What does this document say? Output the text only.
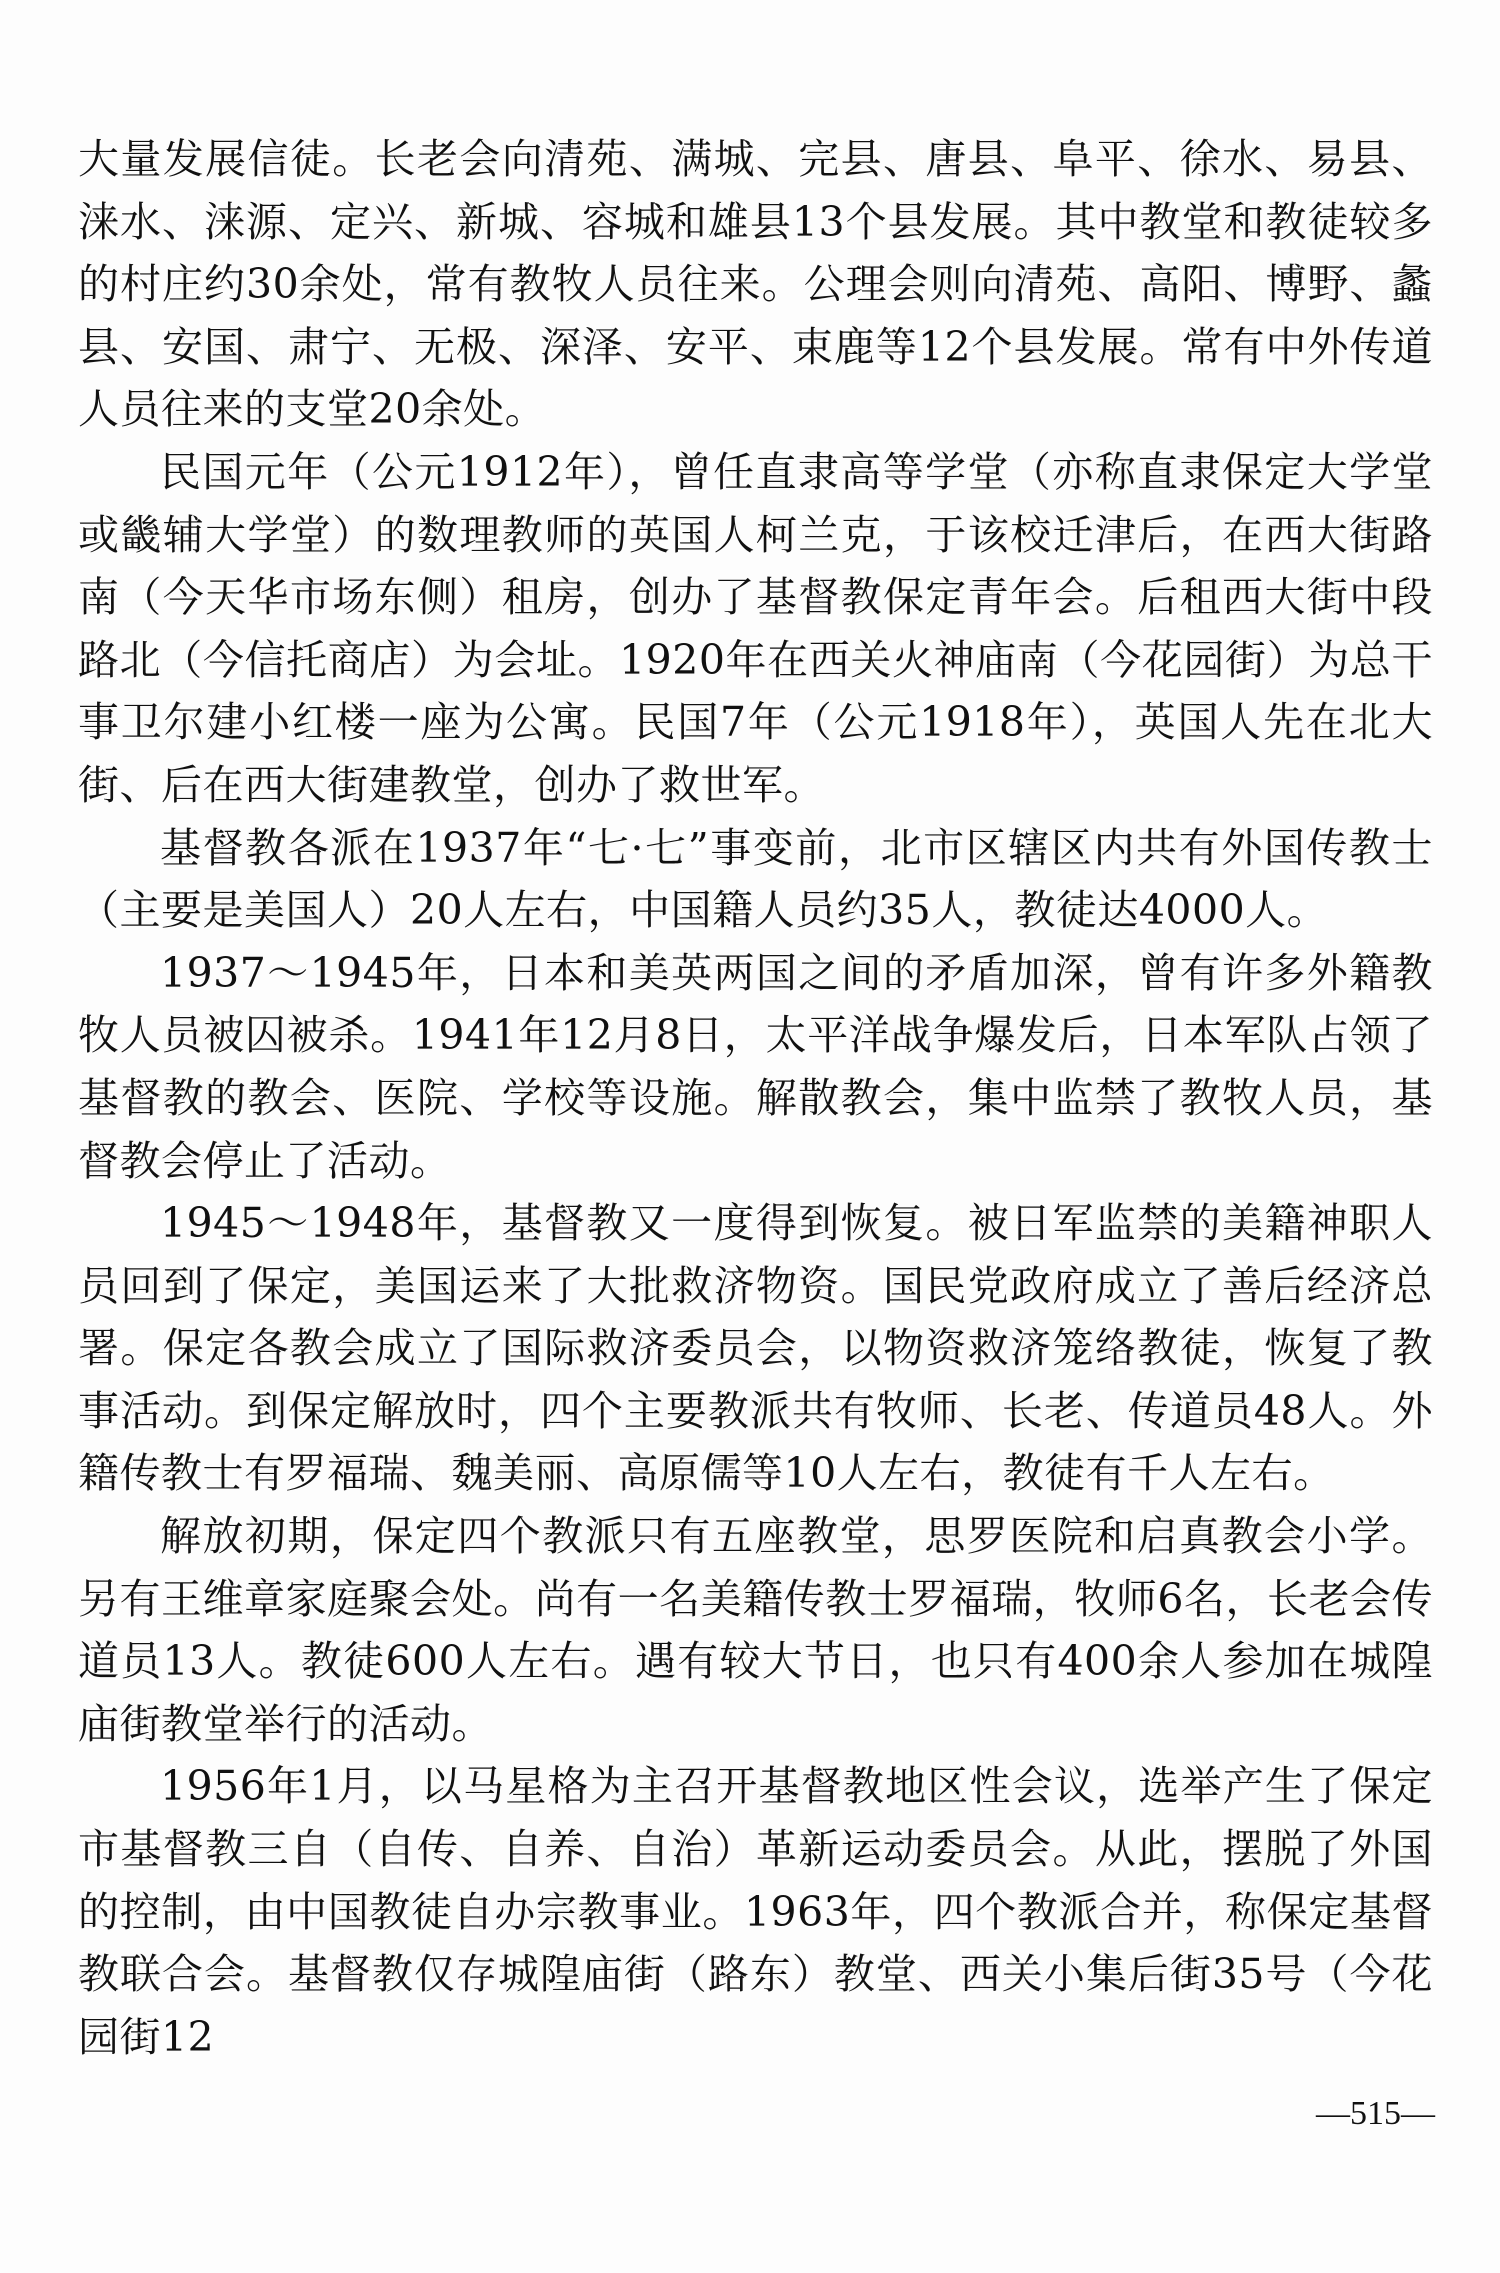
大量发展信徒。长老会向清苑、满城、完县、唐县、阜平、徐水、易县、涞水、涞源、定兴、新城、容城和雄县13个县发展。其中教堂和教徒较多的村庄约30余处，常有教牧人员往来。公理会则向清苑、高阳、博野、蠡县、安国、肃宁、无极、深泽、安平、束鹿等12个县发展。常有中外传道人员往来的支堂20余处。

民国元年（公元1912年），曾任直隶高等学堂（亦称直隶保定大学堂或畿辅大学堂）的数理教师的英国人柯兰克，于该校迁津后，在西大街路南（今天华市场东侧）租房，创办了基督教保定青年会。后租西大街中段路北（今信托商店）为会址。1920年在西关火神庙南（今花园街）为总干事卫尔建小红楼一座为公寓。民国7年（公元1918年），英国人先在北大街、后在西大街建教堂，创办了救世军。

基督教各派在1937年“七·七”事变前，北市区辖区内共有外国传教士（主要是美国人）20人左右，中国籍人员约35人，教徒达4000人。

1937～1945年，日本和美英两国之间的矛盾加深，曾有许多外籍教牧人员被囚被杀。1941年12月8日，太平洋战争爆发后，日本军队占领了基督教的教会、医院、学校等设施。解散教会，集中监禁了教牧人员，基督教会停止了活动。

1945～1948年，基督教又一度得到恢复。被日军监禁的美籍神职人员回到了保定，美国运来了大批救济物资。国民党政府成立了善后经济总署。保定各教会成立了国际救济委员会，以物资救济笼络教徒，恢复了教事活动。到保定解放时，四个主要教派共有牧师、长老、传道员48人。外籍传教士有罗福瑞、魏美丽、高原儒等10人左右，教徒有千人左右。

解放初期，保定四个教派只有五座教堂，思罗医院和启真教会小学。另有王维章家庭聚会处。尚有一名美籍传教士罗福瑞，牧师6名，长老会传道员13人。教徒600人左右。遇有较大节日，也只有400余人参加在城隍庙街教堂举行的活动。

1956年1月，以马星格为主召开基督教地区性会议，选举产生了保定市基督教三自（自传、自养、自治）革新运动委员会。从此，摆脱了外国的控制，由中国教徒自办宗教事业。1963年，四个教派合并，称保定基督教联合会。基督教仅存城隍庙街（路东）教堂、西关小集后街35号（今花园街12

—515—
